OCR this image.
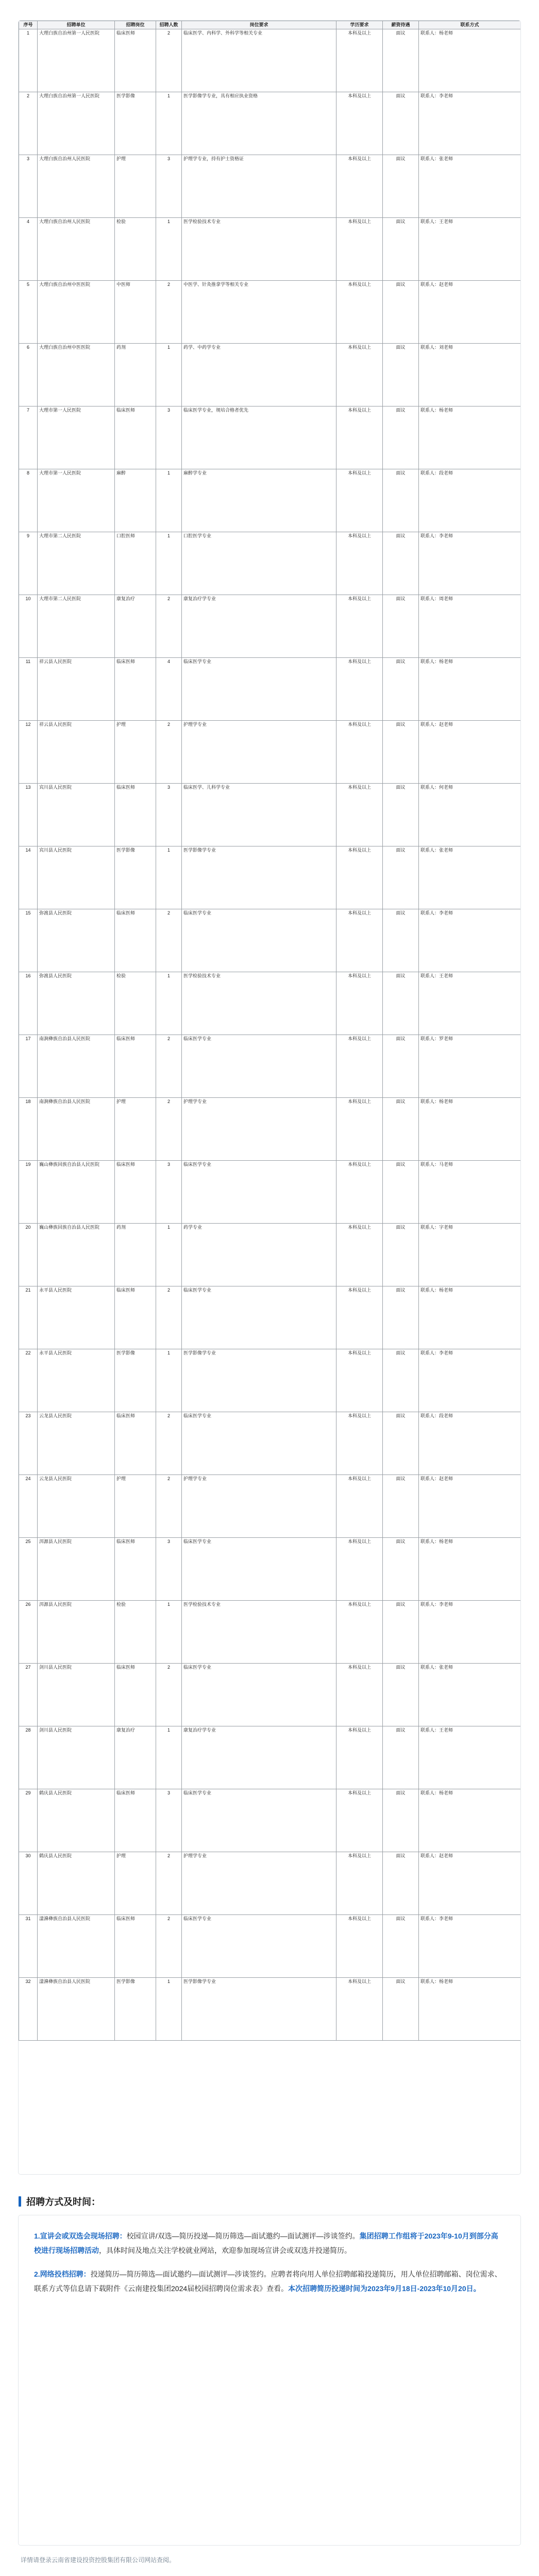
序号	招聘单位	招聘岗位	招聘人数	岗位要求	学历要求	薪资待遇	联系方式
1	大理白族自治州第一人民医院	临床医师	2	临床医学、内科学、外科学等相关专业	本科及以上	面议	联系人：杨老师
2	大理白族自治州第一人民医院	医学影像	1	医学影像学专业，具有相应执业资格	本科及以上	面议	联系人：李老师
3	大理白族自治州人民医院	护理	3	护理学专业，持有护士资格证	本科及以上	面议	联系人：张老师
4	大理白族自治州人民医院	检验	1	医学检验技术专业	本科及以上	面议	联系人：王老师
5	大理白族自治州中医医院	中医师	2	中医学、针灸推拿学等相关专业	本科及以上	面议	联系人：赵老师
6	大理白族自治州中医医院	药剂	1	药学、中药学专业	本科及以上	面议	联系人：刘老师
7	大理市第一人民医院	临床医师	3	临床医学专业，规培合格者优先	本科及以上	面议	联系人：杨老师
8	大理市第一人民医院	麻醉	1	麻醉学专业	本科及以上	面议	联系人：段老师
9	大理市第二人民医院	口腔医师	1	口腔医学专业	本科及以上	面议	联系人：李老师
10	大理市第二人民医院	康复治疗	2	康复治疗学专业	本科及以上	面议	联系人：周老师
11	祥云县人民医院	临床医师	4	临床医学专业	本科及以上	面议	联系人：杨老师
12	祥云县人民医院	护理	2	护理学专业	本科及以上	面议	联系人：赵老师
13	宾川县人民医院	临床医师	3	临床医学、儿科学专业	本科及以上	面议	联系人：何老师
14	宾川县人民医院	医学影像	1	医学影像学专业	本科及以上	面议	联系人：张老师
15	弥渡县人民医院	临床医师	2	临床医学专业	本科及以上	面议	联系人：李老师
16	弥渡县人民医院	检验	1	医学检验技术专业	本科及以上	面议	联系人：王老师
17	南涧彝族自治县人民医院	临床医师	2	临床医学专业	本科及以上	面议	联系人：罗老师
18	南涧彝族自治县人民医院	护理	2	护理学专业	本科及以上	面议	联系人：杨老师
19	巍山彝族回族自治县人民医院	临床医师	3	临床医学专业	本科及以上	面议	联系人：马老师
20	巍山彝族回族自治县人民医院	药剂	1	药学专业	本科及以上	面议	联系人：字老师
21	永平县人民医院	临床医师	2	临床医学专业	本科及以上	面议	联系人：杨老师
22	永平县人民医院	医学影像	1	医学影像学专业	本科及以上	面议	联系人：李老师
23	云龙县人民医院	临床医师	2	临床医学专业	本科及以上	面议	联系人：段老师
24	云龙县人民医院	护理	2	护理学专业	本科及以上	面议	联系人：赵老师
25	洱源县人民医院	临床医师	3	临床医学专业	本科及以上	面议	联系人：杨老师
26	洱源县人民医院	检验	1	医学检验技术专业	本科及以上	面议	联系人：李老师
27	剑川县人民医院	临床医师	2	临床医学专业	本科及以上	面议	联系人：张老师
28	剑川县人民医院	康复治疗	1	康复治疗学专业	本科及以上	面议	联系人：王老师
29	鹤庆县人民医院	临床医师	3	临床医学专业	本科及以上	面议	联系人：杨老师
30	鹤庆县人民医院	护理	2	护理学专业	本科及以上	面议	联系人：赵老师
31	漾濞彝族自治县人民医院	临床医师	2	临床医学专业	本科及以上	面议	联系人：李老师
32	漾濞彝族自治县人民医院	医学影像	1	医学影像学专业	本科及以上	面议	联系人：杨老师
招聘方式及时间：

1.宣讲会或双选会现场招聘：校园宣讲/双选—简历投递—简历筛选—面试邀约—面试测评—涉谈签约。集团招聘工作组将于2023年9-10月到部分高校进行现场招聘活动，具体时间及地点关注学校就业网站，欢迎参加现场宣讲会或双选并投递简历。

2.网络投档招聘：投递简历—简历筛选—面试邀约—面试测评—涉谈签约。应聘者将向用人单位招聘邮箱投递简历，用人单位招聘邮箱、岗位需求、联系方式等信息请下载附件《云南建投集团2024届校园招聘岗位需求表》查看。本次招聘简历投递时间为2023年9月18日-2023年10月20日。

详情请登录云南省建设投资控股集团有限公司网站查阅。
